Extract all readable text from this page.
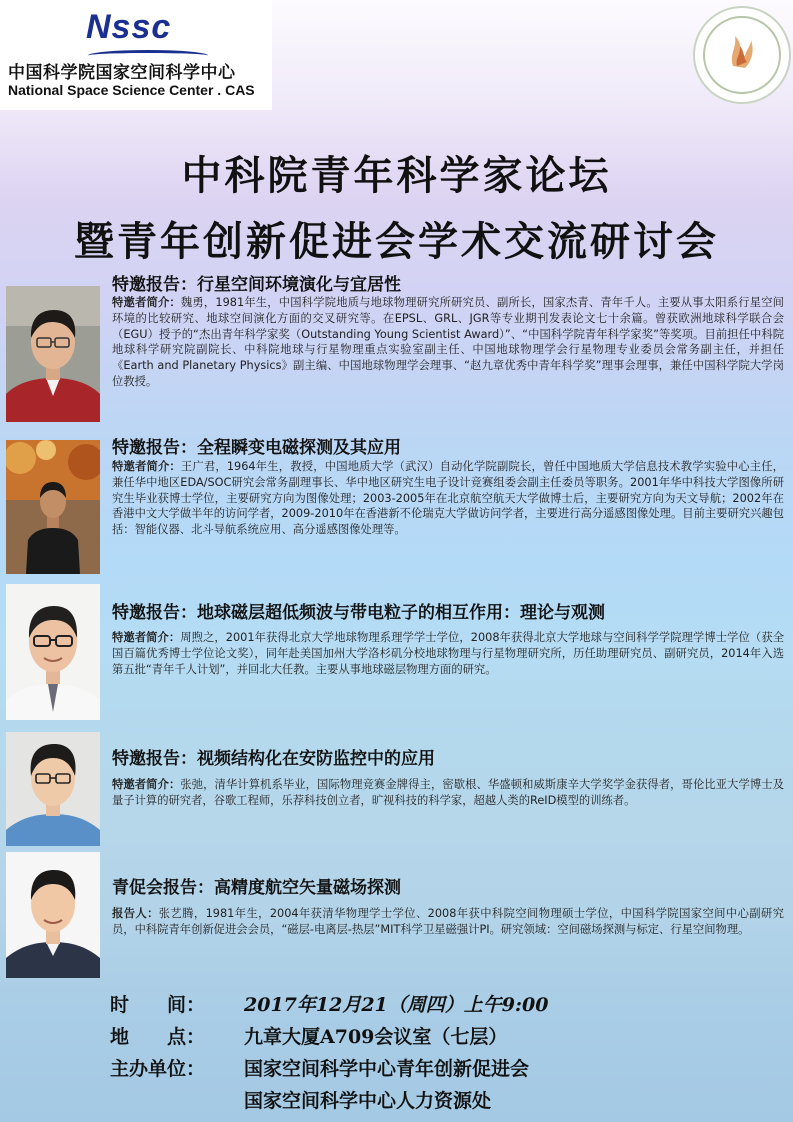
Nssc
中国科学院国家空间科学中心
National Space Science Center . CAS
中科院青年科学家论坛
暨青年创新促进会学术交流研讨会
特邀报告：行星空间环境演化与宜居性
特邀者简介：魏勇，1981年生，中国科学院地质与地球物理研究所研究员、副所长，国家杰青、青年千人。主要从事太阳系行星空间环境的比较研究、地球空间演化方面的交叉研究等。在EPSL、GRL、JGR等专业期刊发表论文七十余篇。曾获欧洲地球科学联合会（EGU）授予的“杰出青年科学家奖（Outstanding Young Scientist Award）”、“中国科学院青年科学家奖”等奖项。目前担任中科院地球科学研究院副院长、中科院地球与行星物理重点实验室副主任、中国地球物理学会行星物理专业委员会常务副主任，并担任《Earth and Planetary Physics》副主编、中国地球物理学会理事、“赵九章优秀中青年科学奖”理事会理事，兼任中国科学院大学岗位教授。
特邀报告：全程瞬变电磁探测及其应用
特邀者简介：王广君，1964年生，教授，中国地质大学（武汉）自动化学院副院长，曾任中国地质大学信息技术教学实验中心主任，兼任华中地区EDA/SOC研究会常务副理事长、华中地区研究生电子设计竞赛组委会副主任委员等职务。2001年华中科技大学图像所研究生毕业获博士学位，主要研究方向为图像处理；2003-2005年在北京航空航天大学做博士后，主要研究方向为天文导航；2002年在香港中文大学做半年的访问学者，2009-2010年在香港新不伦瑞克大学做访问学者，主要进行高分遥感图像处理。目前主要研究兴趣包括：智能仪器、北斗导航系统应用、高分遥感图像处理等。
特邀报告：地球磁层超低频波与带电粒子的相互作用：理论与观测
特邀者简介：周煦之，2001年获得北京大学地球物理系理学学士学位，2008年获得北京大学地球与空间科学学院理学博士学位（获全国百篇优秀博士学位论文奖），同年赴美国加州大学洛杉矶分校地球物理与行星物理研究所，历任助理研究员、副研究员，2014年入选第五批“青年千人计划”，并回北大任教。主要从事地球磁层物理方面的研究。
特邀报告：视频结构化在安防监控中的应用
特邀者简介：张弛，清华计算机系毕业，国际物理竞赛金牌得主，密歇根、华盛顿和威斯康辛大学奖学金获得者，哥伦比亚大学博士及量子计算的研究者，谷歌工程师，乐荐科技创立者，旷视科技的科学家，超越人类的ReID模型的训练者。
青促会报告：高精度航空矢量磁场探测
报告人：张艺腾，1981年生，2004年获清华物理学士学位、2008年获中科院空间物理硕士学位，中国科学院国家空间中心副研究员，中科院青年创新促进会会员，“磁层-电离层-热层”MIT科学卫星磁强计PI。研究领域：空间磁场探测与标定、行星空间物理。
时　　间： 2017年12月21（周四）上午9:00
地　　点： 九章大厦A709会议室（七层）
主办单位： 国家空间科学中心青年创新促进会
国家空间科学中心人力资源处
